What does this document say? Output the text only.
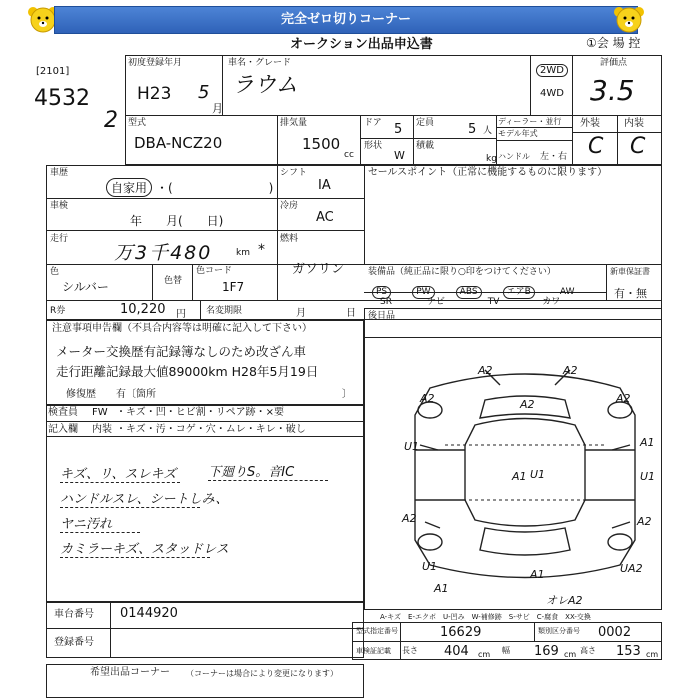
完全ゼロ切りコーナー
オークション出品申込書	①会 場 控
[2101]
4532
2
初度登録年月
H23 5
月
車名・グレード
ラウム
2WD
4WD
評価点
3.5
型式
DBA-NCZ20
排気量
1500
cc
ドア 5 定員	5 人
形状
W
積載
kg
ディーラー・並行
モデル年式
ハンドル 左・右
外装 内装
C C
車歴
自家用 ・(　　　　　　　　)
車検
年　　月(　　日)
走行
万3千480	km *
シフト
IA
冷房
AC
燃料
ガソリン
色
シルバー	色替
色コード
1F7
R券	10,220 円 名変期限	月	日
セールスポイント（正常に機能するものに限ります）
装備品（純正品に限り○印をつけてください）	新車保証書
有・無
PS	PW	ABS	エアB	AW
SR	ナビ	TV	カワ
後日品
注意事項申告欄（不具合内容等は明確に記入して下さい）
メーター交換歴有記録簿なしのため改ざん車
走行距離記録最大値89000km H28年5月19日
修復歴　　有〔箇所	〕
検査員 FW ・キズ・凹・ヒビ割・リペア跡・×要
記入欄 内装 ・キズ・汚・コゲ・穴・ムレ・キレ・破し
キズ、リ、スレキズ
ハンドルスレ、シートしみ、
ヤニ汚れ
カミラーキズ、スタッドレス
下廻りS。音IC
A2	A2
A2	A2
A2
A1
U1
A1	U1
A2	A2
U1
U1
UA2
A1
A1
オレA2
車台番号 0144920
登録番号
希望出品コーナー （コーナーは場合により変更になります）
A-キズ　E-エクボ　U-凹み　W-補修跡　S-サビ　C-腐食　XX-交換
型式指定番号	16629	類別区分番号 0002
車検証記載 長さ 404 cm 幅 169 cm 高さ 153 cm
